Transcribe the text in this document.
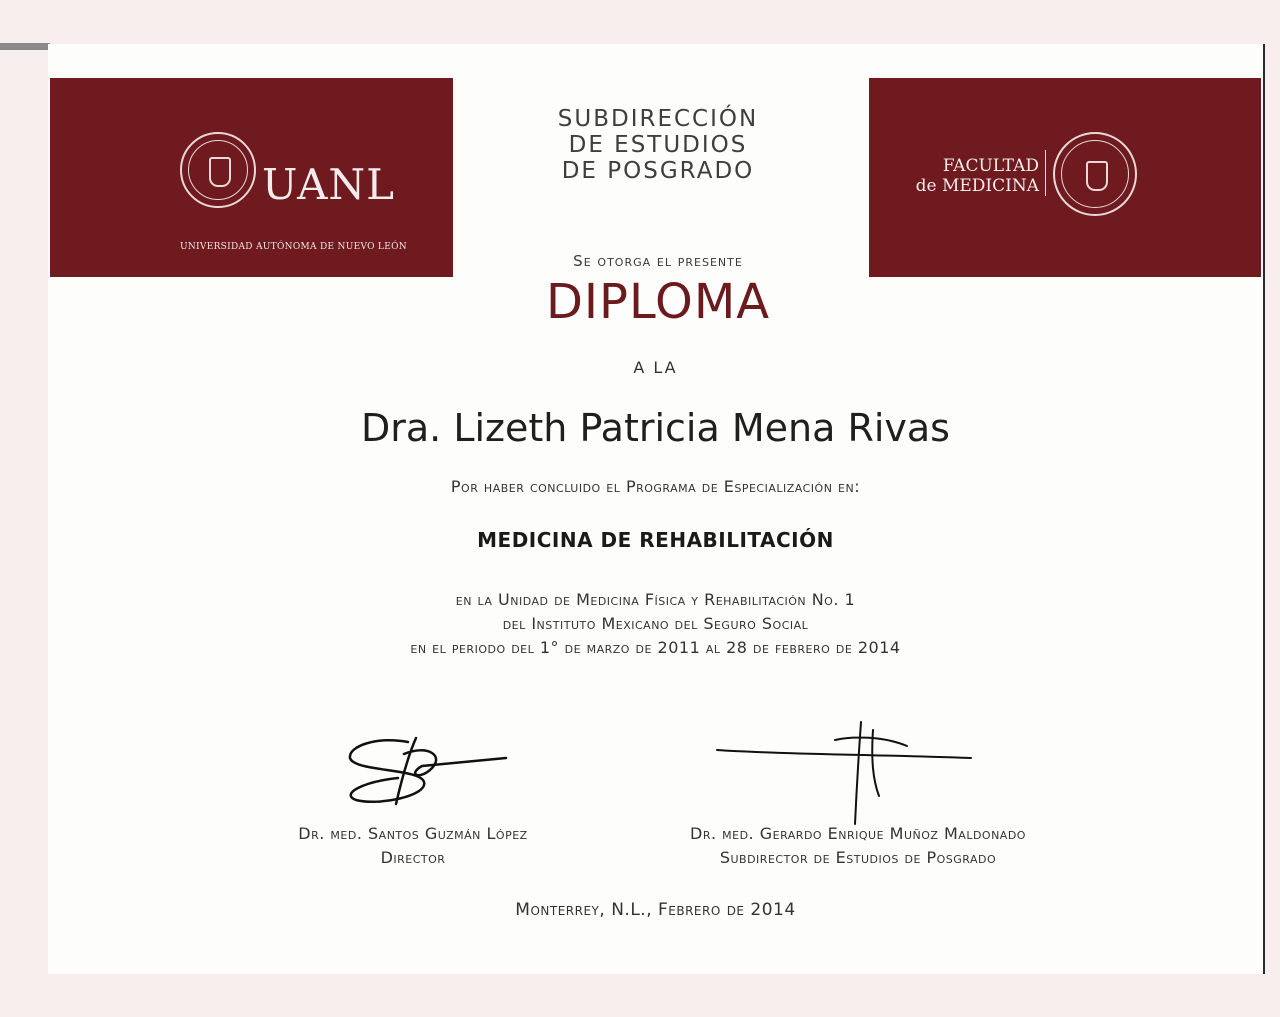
UANL
UNIVERSIDAD AUTÓNOMA DE NUEVO LEÓN
FACULTAD
de MEDICINA
SUBDIRECCIÓN
DE ESTUDIOS
DE POSGRADO
Se otorga el presente
DIPLOMA
A LA
Dra. Lizeth Patricia Mena Rivas
Por haber concluido el Programa de Especialización en:
MEDICINA DE REHABILITACIÓN
en la Unidad de Medicina Física y Rehabilitación No. 1
del Instituto Mexicano del Seguro Social
en el periodo del 1° de marzo de 2011 al 28 de febrero de 2014
Dr. med. Santos Guzmán López
Director
Dr. med. Gerardo Enrique Muñoz Maldonado
Subdirector de Estudios de Posgrado
Monterrey, N.L., Febrero de 2014
